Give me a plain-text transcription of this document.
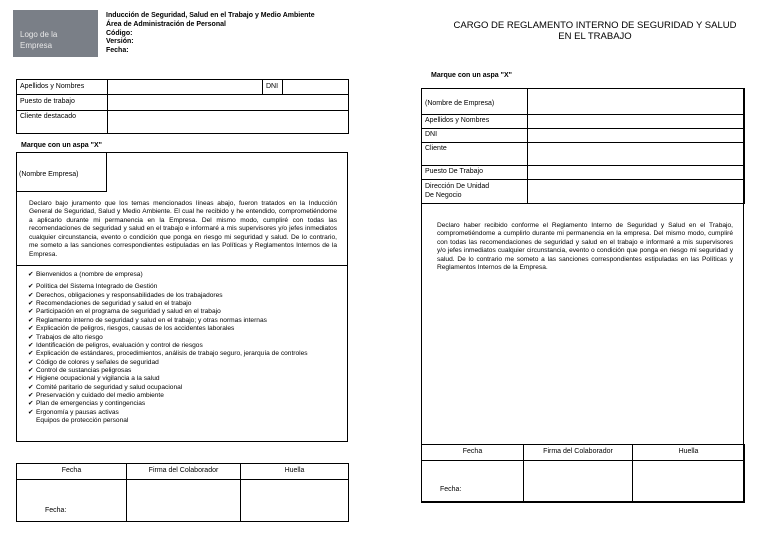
Logo de la
Empresa
Inducción de Seguridad, Salud en el Trabajo y Medio Ambiente
Área de Administración de Personal
Código:
Versión:
Fecha:
Apellidos y Nombres		DNI	
Puesto de trabajo			
Cliente destacado			
Marque con un aspa "X"
(Nombre Empresa)
Declaro bajo juramento que los temas mencionados líneas abajo, fueron tratados en la Inducción General de Seguridad, Salud y Medio Ambiente. El cual he recibido y he entendido, comprometiéndome a aplicarlo durante mi permanencia en la Empresa. Del mismo modo, cumpliré con todas las recomendaciones de seguridad y salud en el trabajo e informaré a mis supervisores y/o jefes inmediatos cualquier circunstancia, evento o condición que ponga en riesgo mi seguridad y salud. De lo contrario, me someto a las sanciones correspondientes estipuladas en las Políticas y Reglamentos Internos de la Empresa.
✔ Bienvenidos a (nombre de empresa)
✔ Política del Sistema Integrado de Gestión
✔ Derechos, obligaciones y responsabilidades de los trabajadores
✔ Recomendaciones de seguridad y salud en el trabajo
✔ Participación en el programa de seguridad y salud en el trabajo
✔ Reglamento interno de seguridad y salud en el trabajo; y otras normas internas
✔ Explicación de peligros, riesgos, causas de los accidentes laborales
✔ Trabajos de alto riesgo
✔ Identificación de peligros, evaluación y control de riesgos
✔ Explicación de estándares, procedimientos, análisis de trabajo seguro, jerarquía de controles
✔ Código de colores y señales de seguridad
✔ Control de sustancias peligrosas
✔ Higiene ocupacional y vigilancia a la salud
✔ Comité paritario de seguridad y salud ocupacional
✔ Preservación y cuidado del medio ambiente
✔ Plan de emergencias y contingencias
✔ Ergonomía y pausas activas
Equipos de protección personal
Fecha	Firma del Colaborador	Huella
Fecha:		
CARGO DE REGLAMENTO INTERNO DE SEGURIDAD Y SALUD
EN EL TRABAJO
Marque con un aspa "X"
(Nombre de Empresa)	
Apellidos y Nombres	
DNI	
Cliente	
Puesto De Trabajo	

Dirección De Unidad
De Negocio	

Declaro haber recibido conforme el Reglamento Interno de Seguridad y Salud en el Trabajo, comprometiéndome a cumplirlo durante mi permanencia en la empresa. Del mismo modo, cumpliré con todas las recomendaciones de seguridad y salud en el trabajo e informaré a mis supervisores y/o jefes inmediatos cualquier circunstancia, evento o condición que ponga en riesgo mi seguridad y salud. De lo contrario me someto a las sanciones correspondientes estipuladas en las Políticas y Reglamentos Internos de la Empresa.
Fecha	Firma del Colaborador	Huella
Fecha:		
